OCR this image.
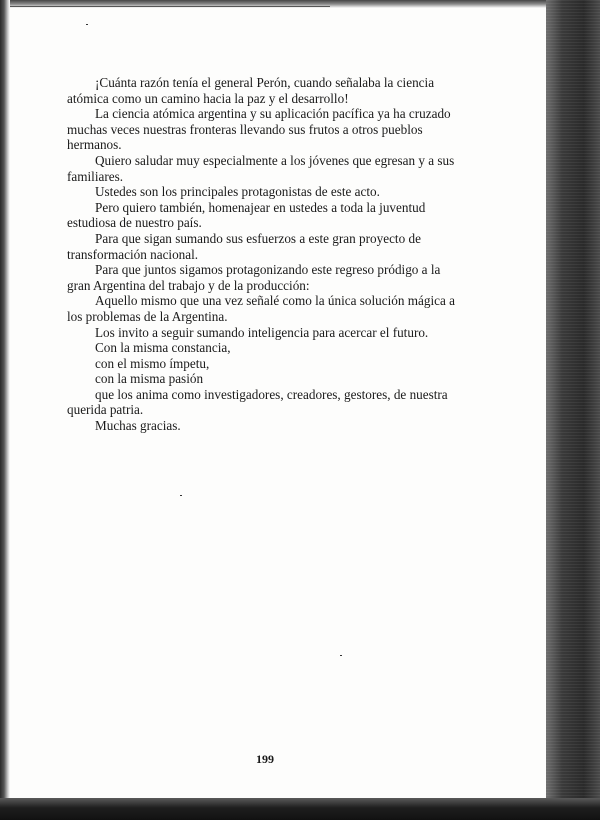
¡Cuánta razón tenía el general Perón, cuando señalaba la ciencia atómica como un camino hacia la paz y el desarrollo!

La ciencia atómica argentina y su aplicación pacífica ya ha cruzado muchas veces nuestras fronteras llevando sus frutos a otros pueblos hermanos.

Quiero saludar muy especialmente a los jóvenes que egresan y a sus familiares.

Ustedes son los principales protagonistas de este acto.

Pero quiero también, homenajear en ustedes a toda la juventud estudiosa de nuestro país.

Para que sigan sumando sus esfuerzos a este gran proyecto de transformación nacional.

Para que juntos sigamos protagonizando este regreso pródigo a la gran Argentina del trabajo y de la producción:

Aquello mismo que una vez señalé como la única solución mágica a los problemas de la Argentina.

Los invito a seguir sumando inteligencia para acercar el futuro.

Con la misma constancia,

con el mismo ímpetu,

con la misma pasión

que los anima como investigadores, creadores, gestores, de nuestra querida patria.

Muchas gracias.

199
